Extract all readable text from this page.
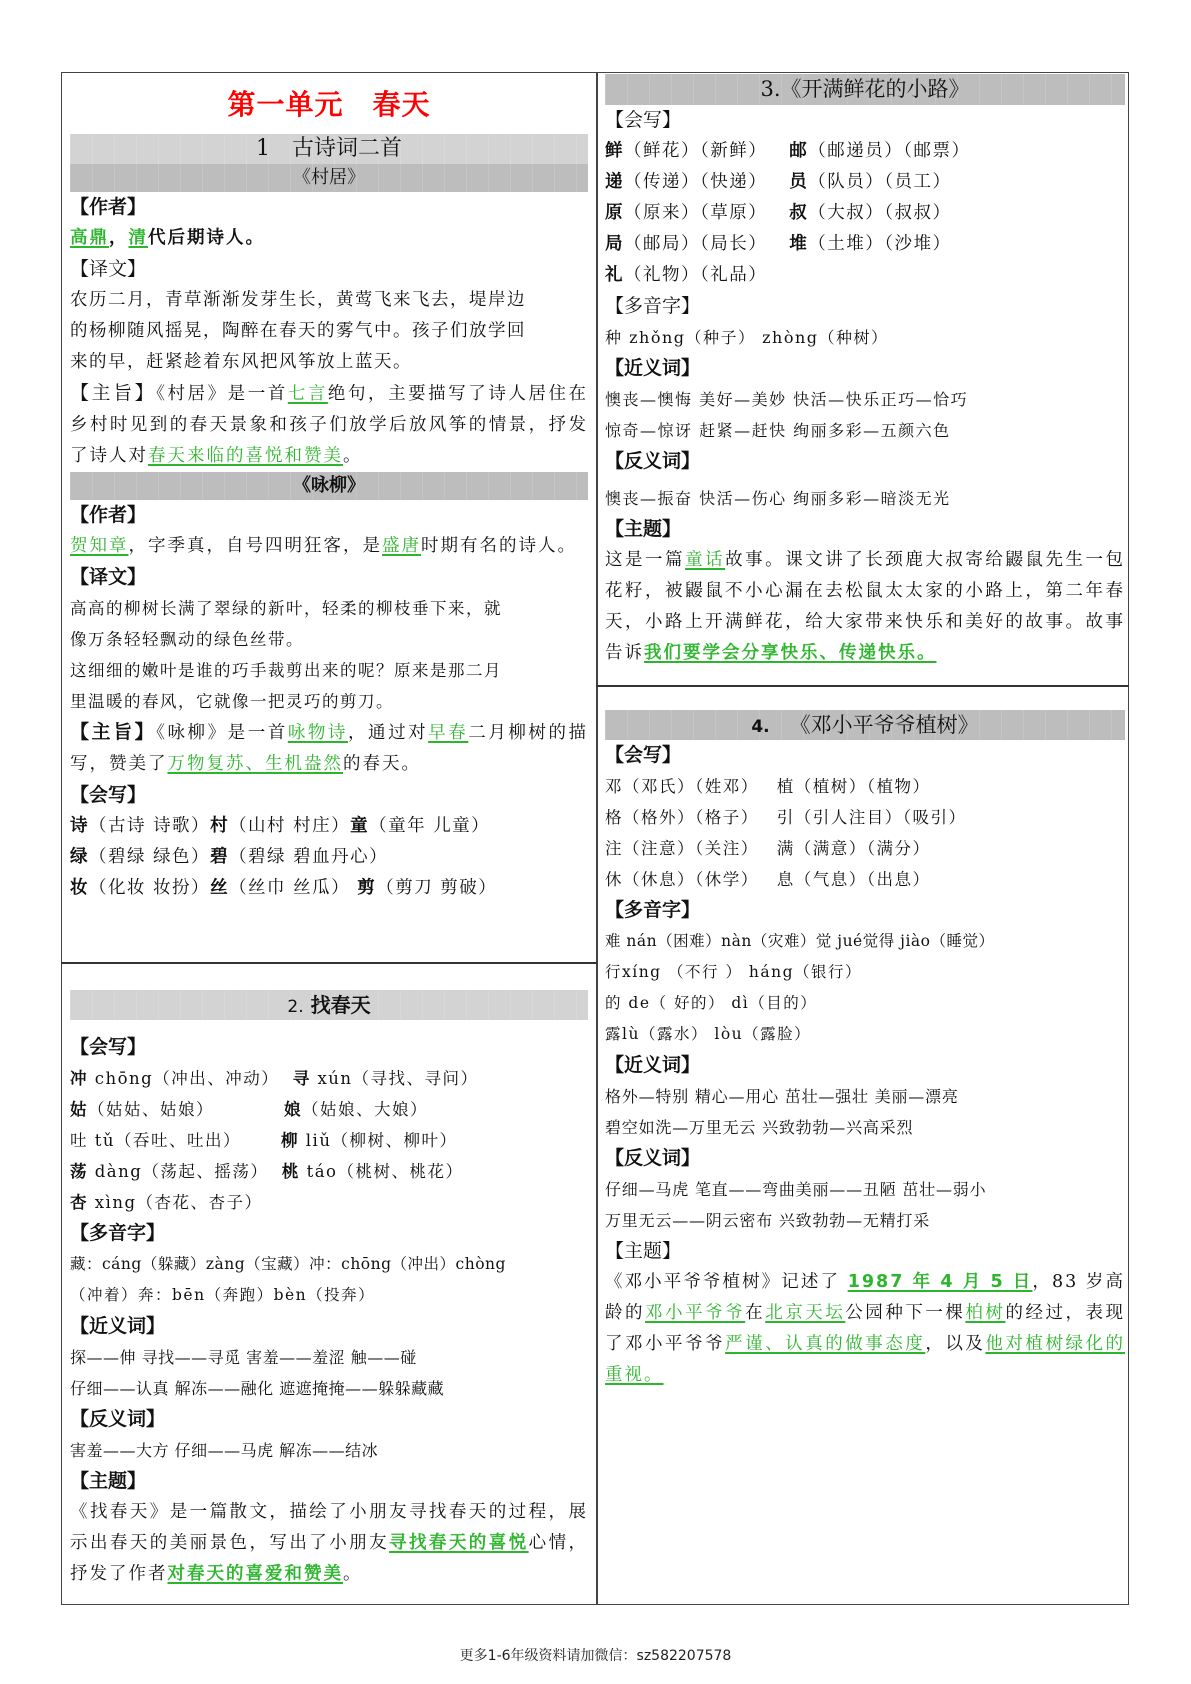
第一单元　春天
1　古诗词二首
《村居》
【作者】
高鼎，清代后期诗人。
【译文】
农历二月，青草渐渐发芽生长，黄莺飞来飞去，堤岸边
的杨柳随风摇晃，陶醉在春天的雾气中。孩子们放学回
来的早，赶紧趁着东风把风筝放上蓝天。
【主旨】《村居》是一首七言绝句，主要描写了诗人居住在乡村时见到的春天景象和孩子们放学后放风筝的情景，抒发了诗人对春天来临的喜悦和赞美。
《咏柳》
【作者】
贺知章，字季真，自号四明狂客，是盛唐时期有名的诗人。
【译文】
高高的柳树长满了翠绿的新叶，轻柔的柳枝垂下来，就
像万条轻轻飘动的绿色丝带。
这细细的嫩叶是谁的巧手裁剪出来的呢？原来是那二月
里温暖的春风，它就像一把灵巧的剪刀。
【主旨】《咏柳》是一首咏物诗，通过对早春二月柳树的描写，赞美了万物复苏、生机盎然的春天。
【会写】
诗（古诗 诗歌）村（山村 村庄）童（童年 儿童）
绿（碧绿 绿色）碧（碧绿 碧血丹心）
妆（化妆 妆扮）丝（丝巾 丝瓜） 剪（剪刀 剪破）
2. 找春天
【会写】
冲 chōng（冲出、冲动） 寻 xún（寻找、寻问）
姑（姑姑、姑娘）	娘（姑娘、大娘）
吐 tǔ（吞吐、吐出） 柳 liǔ（柳树、柳叶）
荡 dàng（荡起、摇荡） 桃 táo（桃树、桃花）
杏 xìng（杏花、杏子）
【多音字】
藏：cáng（躲藏）zàng（宝藏）冲：chōng（冲出）chòng
（冲着）奔：bēn（奔跑）bèn（投奔）
【近义词】
探——伸 寻找——寻觅 害羞——羞涩 触——碰
仔细——认真 解冻——融化 遮遮掩掩——躲躲藏藏
【反义词】
害羞——大方 仔细——马虎 解冻——结冰
【主题】
《找春天》是一篇散文，描绘了小朋友寻找春天的过程，展示出春天的美丽景色，写出了小朋友寻找春天的喜悦心情，抒发了作者对春天的喜爱和赞美。
3.《开满鲜花的小路》
【会写】
鲜（鲜花）（新鲜） 邮（邮递员）（邮票）
递（传递）（快递） 员（队员）（员工）
原（原来）（草原） 叔（大叔）（叔叔）
局（邮局）（局长） 堆（土堆）（沙堆）
礼（礼物）（礼品）
【多音字】
种 zhǒng（种子） zhòng（种树）
【近义词】
懊丧—懊悔 美好—美妙 快活—快乐正巧—恰巧
惊奇—惊讶 赶紧—赶快 绚丽多彩—五颜六色
【反义词】
懊丧—振奋 快活—伤心 绚丽多彩—暗淡无光
【主题】
这是一篇童话故事。课文讲了长颈鹿大叔寄给鼹鼠先生一包花籽，被鼹鼠不小心漏在去松鼠太太家的小路上，第二年春天，小路上开满鲜花，给大家带来快乐和美好的故事。故事告诉我们要学会分享快乐、传递快乐。
4. 《邓小平爷爷植树》
【会写】
邓（邓氏）（姓邓） 植（植树）（植物）
格（格外）（格子） 引（引人注目）（吸引）
注（注意）（关注） 满（满意）（满分）
休（休息）（休学） 息（气息）（出息）
【多音字】
难 nán（困难）nàn（灾难）觉 jué觉得 jiào（睡觉）
行xíng （不行 ） háng（银行）
的 de（ 好的） dì（目的）
露lù（露水） lòu（露脸）
【近义词】
格外—特别 精心—用心 茁壮—强壮 美丽—漂亮
碧空如洗—万里无云 兴致勃勃—兴高采烈
【反义词】
仔细—马虎 笔直——弯曲美丽——丑陋 茁壮—弱小
万里无云——阴云密布 兴致勃勃—无精打采
【主题】
《邓小平爷爷植树》记述了 1987 年 4 月 5 日，83 岁高龄的邓小平爷爷在北京天坛公园种下一棵柏树的经过，表现了邓小平爷爷严谨、认真的做事态度，以及他对植树绿化的重视。
更多1-6年级资料请加微信：sz582207578
